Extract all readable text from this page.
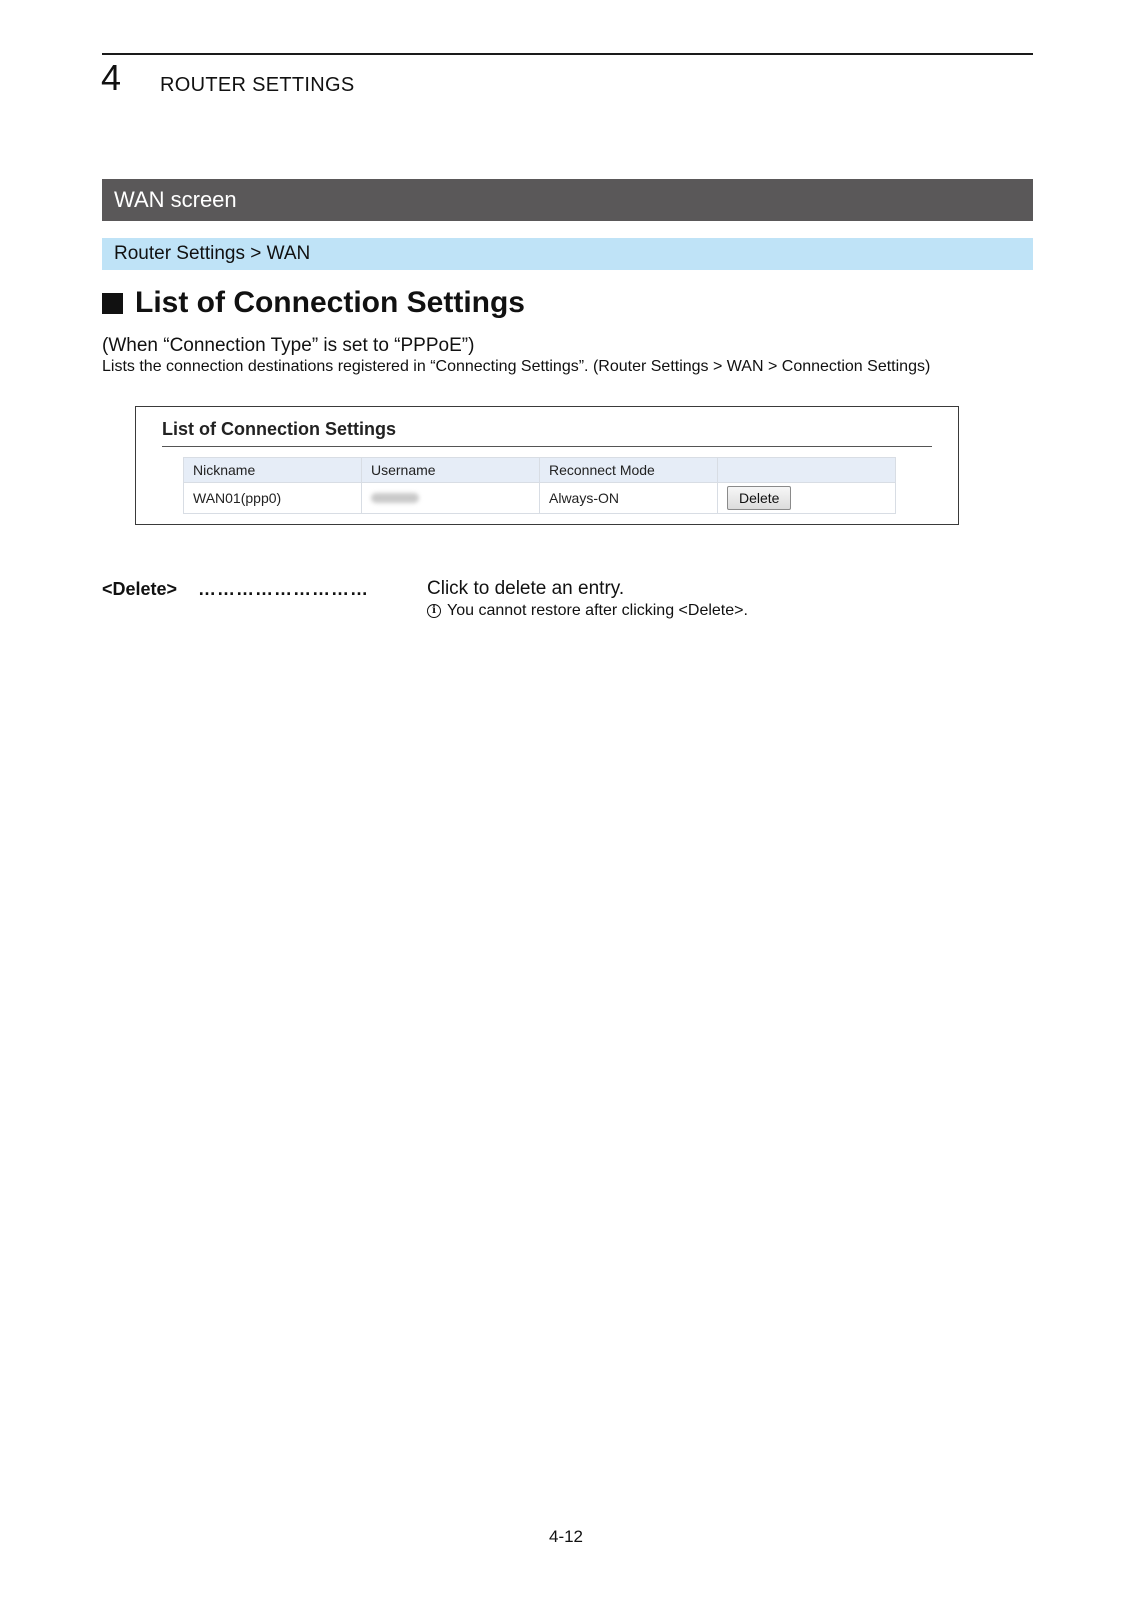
4 ROUTER SETTINGS
WAN screen
Router Settings > WAN
List of Connection Settings
(When “Connection Type” is set to “PPPoE”)
Lists the connection destinations registered in “Connecting Settings”. (Router Settings > WAN > Connection Settings)
List of Connection Settings
Nickname	Username	Reconnect Mode	
WAN01(ppp0)		Always-ON	Delete
<Delete> ………………………	Click to delete an entry.
i You cannot restore after clicking <Delete>.
4-12
